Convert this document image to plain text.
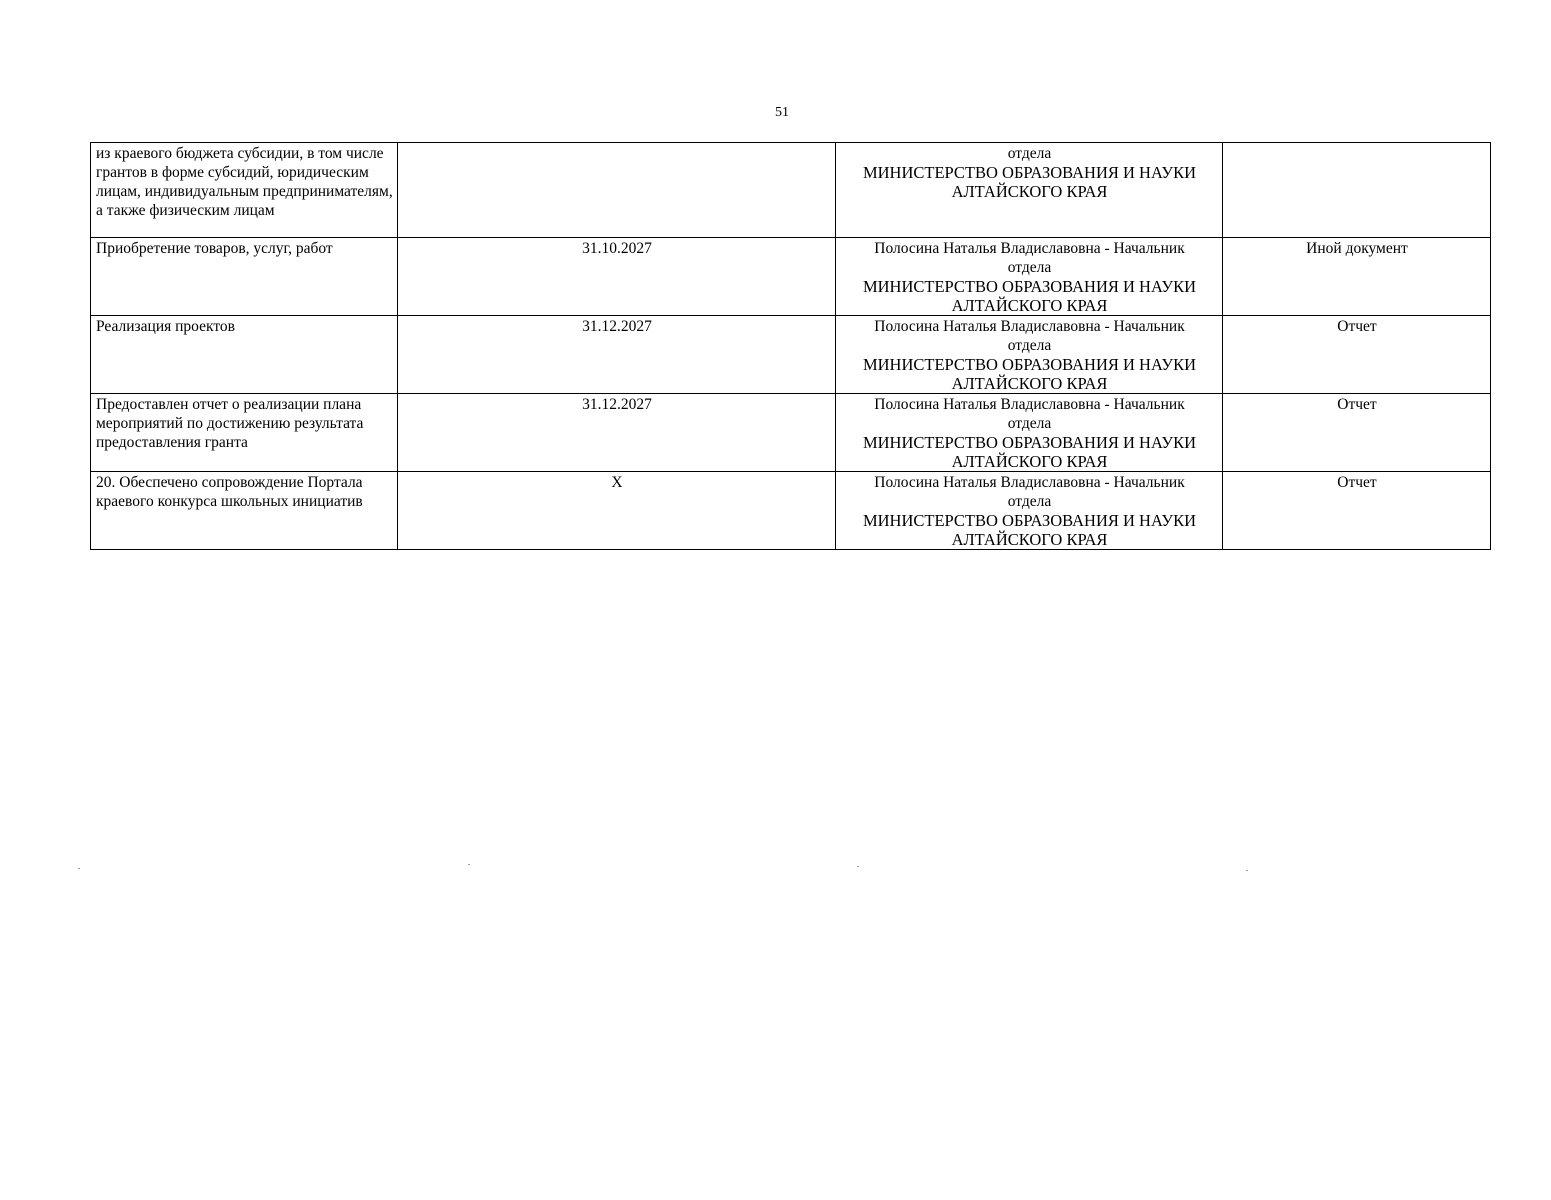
51
из краевого бюджета субсидии, в том числе грантов в форме субсидий, юридическим лицам, индивидуальным предпринимателям, а также физическим лицам		отдела
МИНИСТЕРСТВО ОБРАЗОВАНИЯ И НАУКИ АЛТАЙСКОГО КРАЯ	

Приобретение товаров, услуг, работ	31.10.2027	Полосина Наталья Владиславовна - Начальник
отдела
МИНИСТЕРСТВО ОБРАЗОВАНИЯ И НАУКИ АЛТАЙСКОГО КРАЯ	Иной документ
Реализация проектов	31.12.2027	Полосина Наталья Владиславовна - Начальник
отдела
МИНИСТЕРСТВО ОБРАЗОВАНИЯ И НАУКИ АЛТАЙСКОГО КРАЯ	Отчет
Предоставлен отчет о реализации плана мероприятий по достижению результата предоставления гранта	31.12.2027	Полосина Наталья Владиславовна - Начальник
отдела
МИНИСТЕРСТВО ОБРАЗОВАНИЯ И НАУКИ АЛТАЙСКОГО КРАЯ	Отчет
20. Обеспечено сопровождение Портала краевого конкурса школьных инициатив	X	Полосина Наталья Владиславовна - Начальник
отдела
МИНИСТЕРСТВО ОБРАЗОВАНИЯ И НАУКИ АЛТАЙСКОГО КРАЯ	Отчет
